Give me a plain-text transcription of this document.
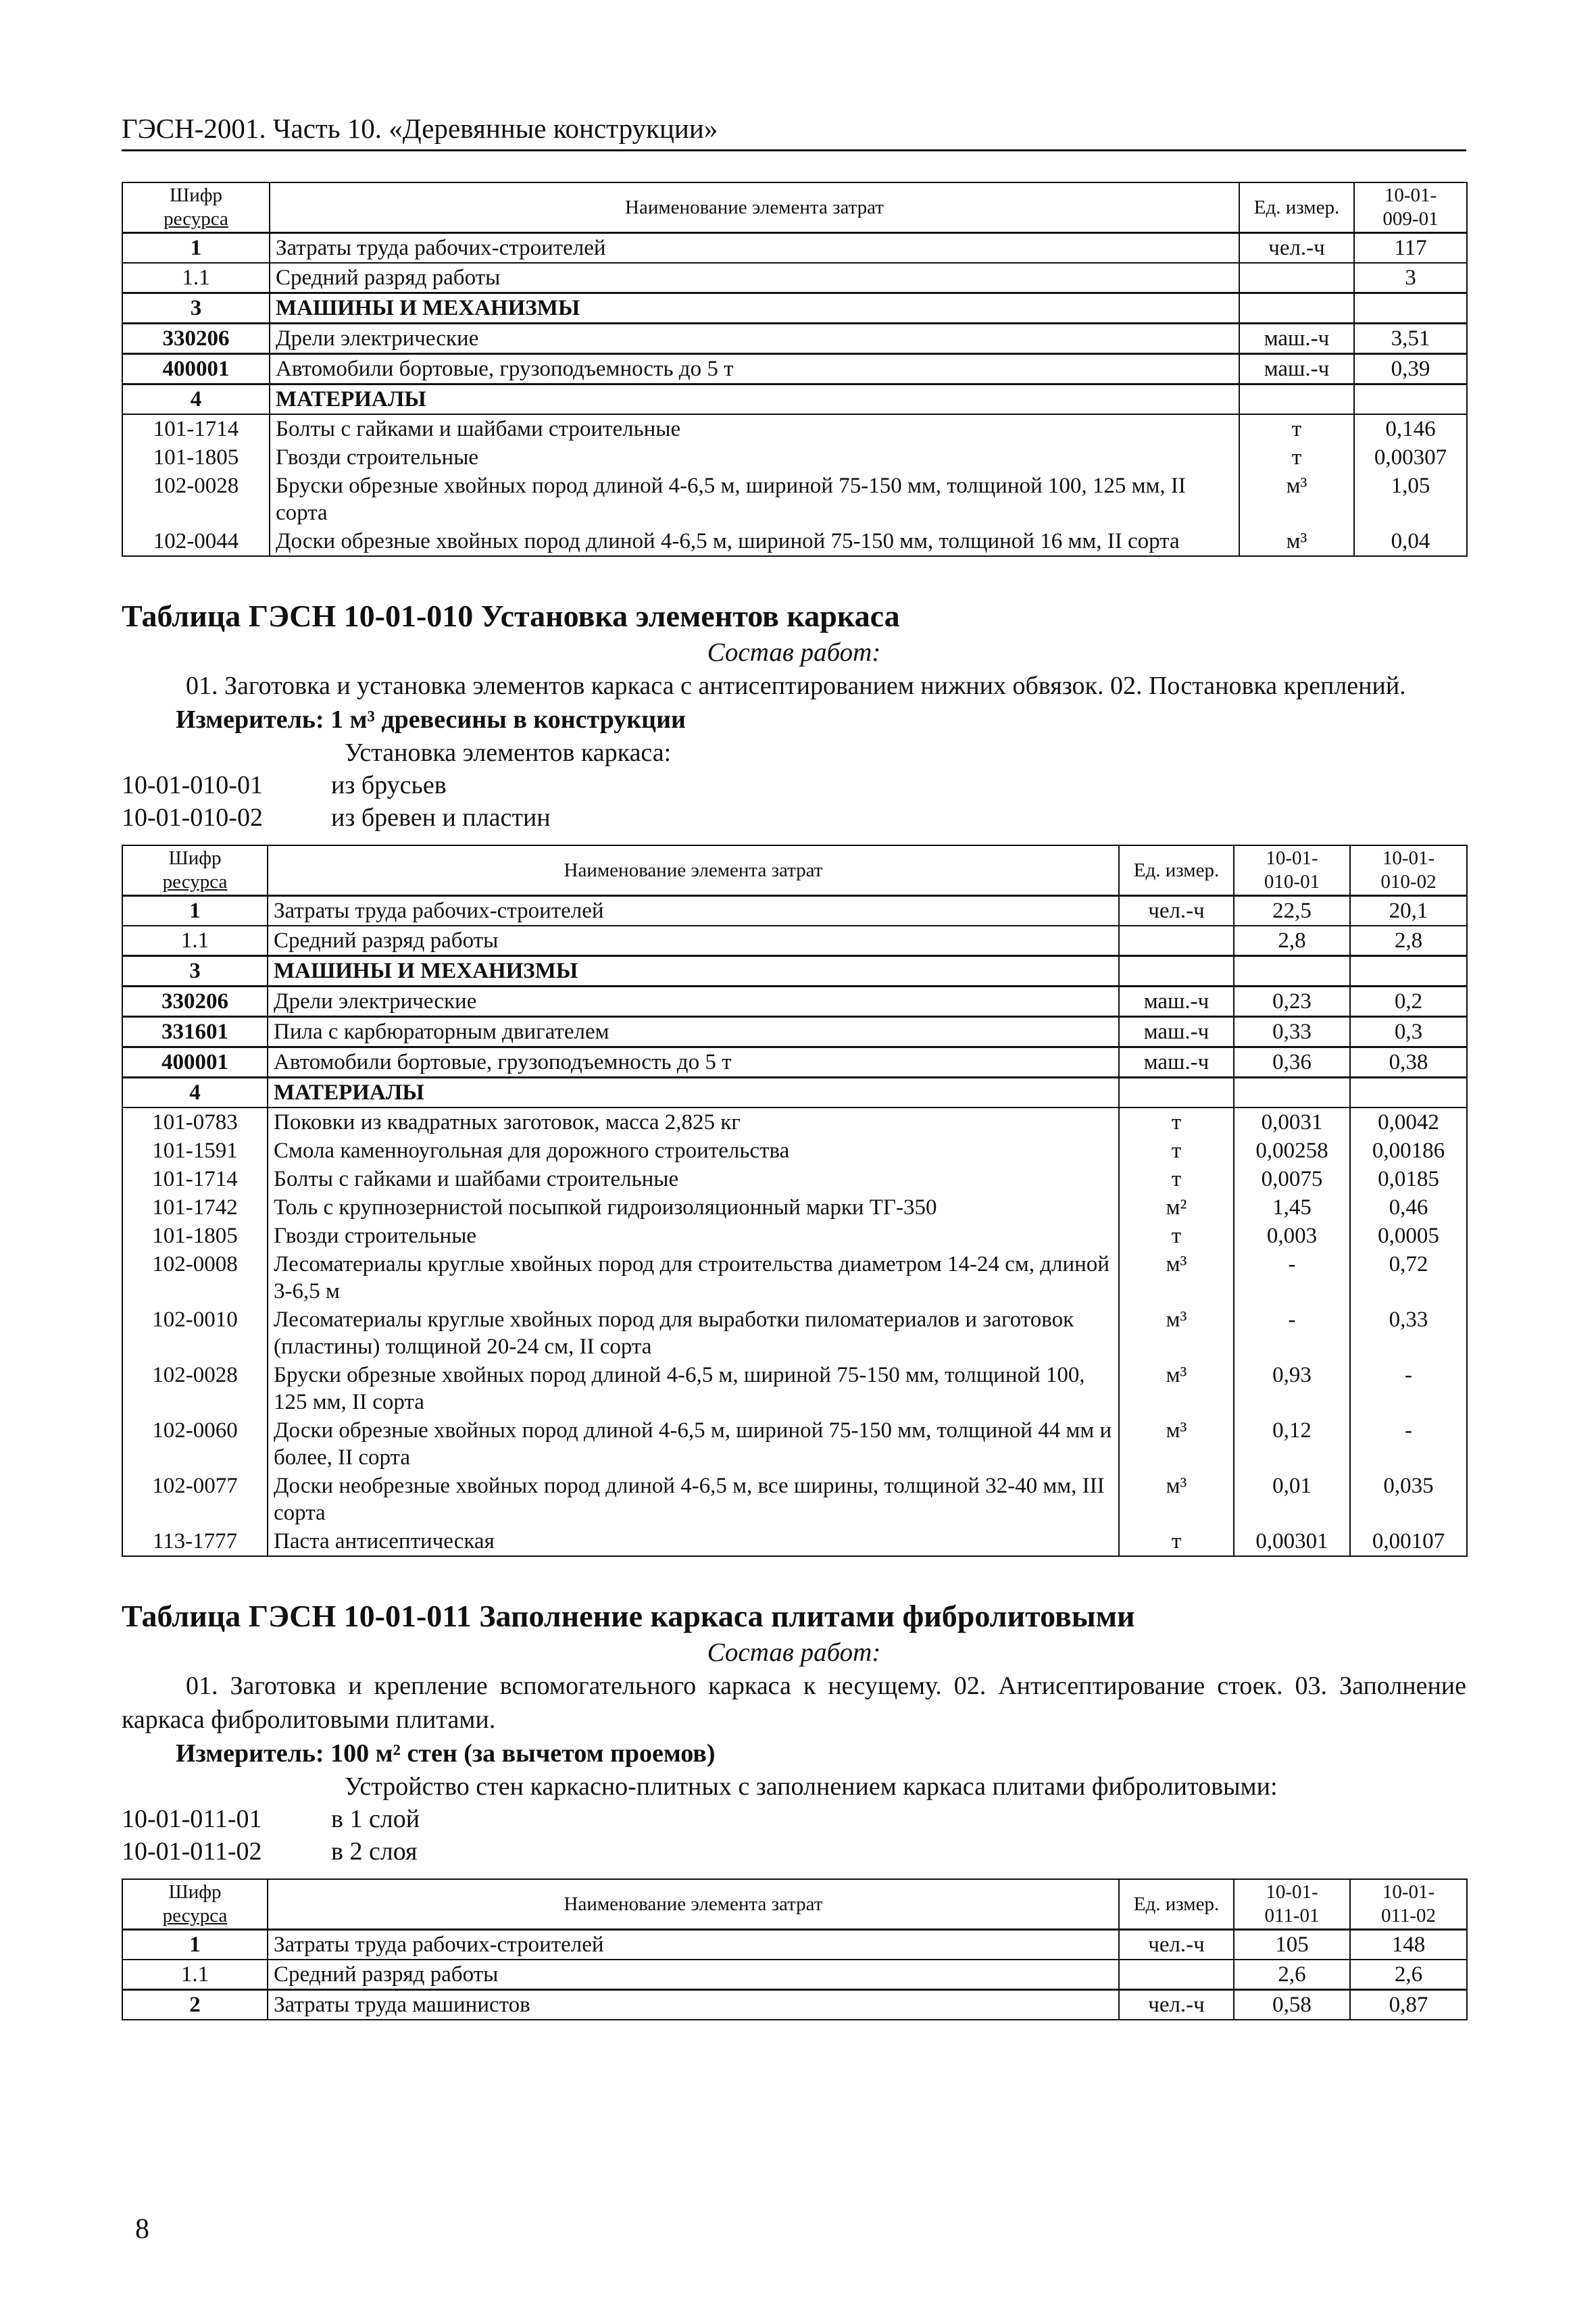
ГЭСН-2001. Часть 10. «Деревянные конструкции»
Шифр
ресурса	Наименование элемента затрат	Ед. измер.	10-01-
009-01
1	Затраты труда рабочих-строителей	чел.-ч	117
1.1	Средний разряд работы		3
3	МАШИНЫ И МЕХАНИЗМЫ		
330206	Дрели электрические	маш.-ч	3,51
400001	Автомобили бортовые, грузоподъемность до 5 т	маш.-ч	0,39
4	МАТЕРИАЛЫ		
101-1714	Болты с гайками и шайбами строительные	т	0,146
101-1805	Гвозди строительные	т	0,00307
102-0028	Бруски обрезные хвойных пород длиной 4-6,5 м, шириной 75-150 мм, толщиной 100, 125 мм, II сорта	м³	1,05
102-0044	Доски обрезные хвойных пород длиной 4-6,5 м, шириной 75-150 мм, толщиной 16 мм, II сорта	м³	0,04
Таблица ГЭСН 10-01-010 Установка элементов каркаса
Состав работ:
01. Заготовка и установка элементов каркаса с антисептированием нижних обвязок. 02. Постановка креплений.
Измеритель: 1 м³ древесины в конструкции
Установка элементов каркаса:
10-01-010-01	из брусьев
10-01-010-02	из бревен и пластин
Шифр
ресурса	Наименование элемента затрат	Ед. измер.	10-01-
010-01	10-01-
010-02
1	Затраты труда рабочих-строителей	чел.-ч	22,5	20,1
1.1	Средний разряд работы		2,8	2,8
3	МАШИНЫ И МЕХАНИЗМЫ			
330206	Дрели электрические	маш.-ч	0,23	0,2
331601	Пила с карбюраторным двигателем	маш.-ч	0,33	0,3
400001	Автомобили бортовые, грузоподъемность до 5 т	маш.-ч	0,36	0,38
4	МАТЕРИАЛЫ			
101-0783	Поковки из квадратных заготовок, масса 2,825 кг	т	0,0031	0,0042
101-1591	Смола каменноугольная для дорожного строительства	т	0,00258	0,00186
101-1714	Болты с гайками и шайбами строительные	т	0,0075	0,0185
101-1742	Толь с крупнозернистой посыпкой гидроизоляционный марки ТГ-350	м²	1,45	0,46
101-1805	Гвозди строительные	т	0,003	0,0005
102-0008	Лесоматериалы круглые хвойных пород для строительства диаметром 14-24 см, длиной 3-6,5 м	м³	-	0,72
102-0010	Лесоматериалы круглые хвойных пород для выработки пиломатериалов и заготовок (пластины) толщиной 20-24 см, II сорта	м³	-	0,33
102-0028	Бруски обрезные хвойных пород длиной 4-6,5 м, шириной 75-150 мм, толщиной 100, 125 мм, II сорта	м³	0,93	-
102-0060	Доски обрезные хвойных пород длиной 4-6,5 м, шириной 75-150 мм, толщиной 44 мм и более, II сорта	м³	0,12	-
102-0077	Доски необрезные хвойных пород длиной 4-6,5 м, все ширины, толщиной 32-40 мм, III сорта	м³	0,01	0,035
113-1777	Паста антисептическая	т	0,00301	0,00107
Таблица ГЭСН 10-01-011 Заполнение каркаса плитами фибролитовыми
Состав работ:
01. Заготовка и крепление вспомогательного каркаса к несущему. 02. Антисептирование стоек. 03. Заполнение каркаса фибролитовыми плитами.
Измеритель: 100 м² стен (за вычетом проемов)
Устройство стен каркасно-плитных с заполнением каркаса плитами фибролитовыми:
10-01-011-01	в 1 слой
10-01-011-02	в 2 слоя
Шифр
ресурса	Наименование элемента затрат	Ед. измер.	10-01-
011-01	10-01-
011-02
1	Затраты труда рабочих-строителей	чел.-ч	105	148
1.1	Средний разряд работы		2,6	2,6
2	Затраты труда машинистов	чел.-ч	0,58	0,87
8
